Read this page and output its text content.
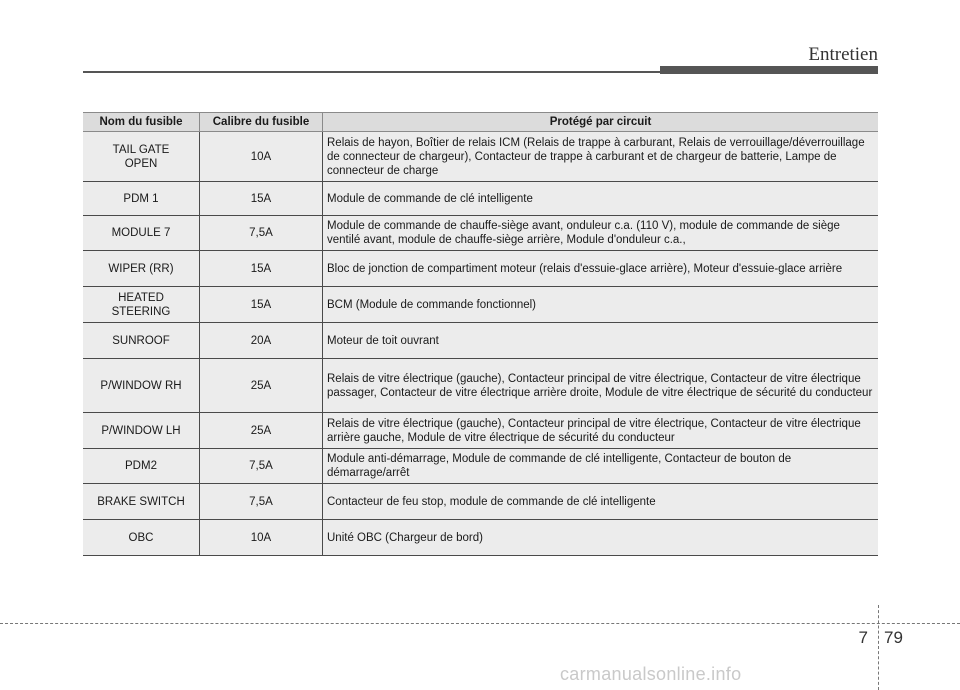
Entretien
Nom du fusible	Calibre du fusible	Protégé par circuit
TAIL GATE
OPEN	10A	Relais de hayon, Boîtier de relais ICM (Relais de trappe à carburant, Relais de verrouillage/déverrouillage de connecteur de chargeur), Contacteur de trappe à carburant et de chargeur de batterie, Lampe de connecteur de charge
PDM 1	15A	Module de commande de clé intelligente
MODULE 7	7,5A	Module de commande de chauffe-siège avant, onduleur c.a. (110 V), module de commande de siège ventilé avant, module de chauffe-siège arrière, Module d'onduleur c.a.,
WIPER (RR)	15A	Bloc de jonction de compartiment moteur (relais d'essuie-glace arrière), Moteur d'essuie-glace arrière
HEATED
STEERING	15A	BCM (Module de commande fonctionnel)
SUNROOF	20A	Moteur de toit ouvrant
P/WINDOW RH	25A	Relais de vitre électrique (gauche), Contacteur principal de vitre électrique, Contacteur de vitre électrique passager, Contacteur de vitre électrique arrière droite, Module de vitre électrique de sécurité du conducteur
P/WINDOW LH	25A	Relais de vitre électrique (gauche), Contacteur principal de vitre électrique, Contacteur de vitre électrique arrière gauche, Module de vitre électrique de sécurité du conducteur
PDM2	7,5A	Module anti-démarrage, Module de commande de clé intelligente, Contacteur de bouton de démarrage/arrêt
BRAKE SWITCH	7,5A	Contacteur de feu stop, module de commande de clé intelligente
OBC	10A	Unité OBC (Chargeur de bord)
7 79
carmanualsonline.info
